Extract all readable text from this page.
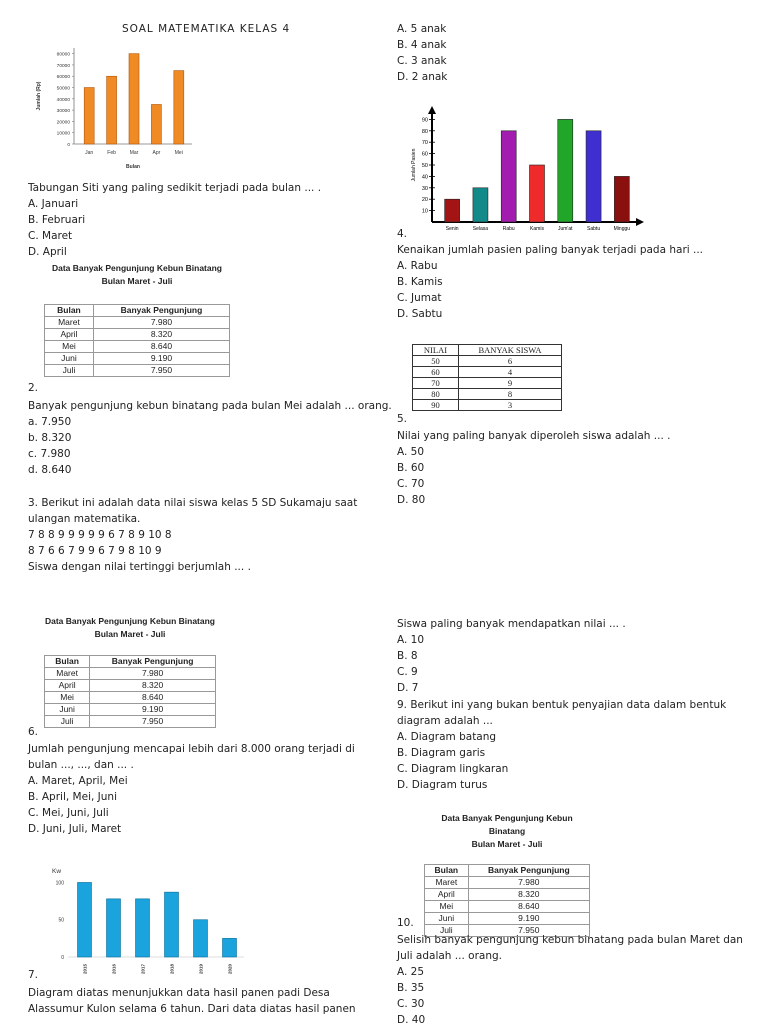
SOAL MATEMATIKA KELAS 4
0
10000
20000
30000
40000
50000
60000
70000
80000
Jan	Feb	Mar	Apr	Mei
Bulan
Jumlah (Rp)
Tabungan Siti yang paling sedikit terjadi pada bulan ... .
A. Januari
B. Februari
C. Maret
D. April
Data Banyak Pengunjung Kebun Binatang
Bulan Maret - Juli
Bulan	Banyak Pengunjung
Maret	7.980
April	8.320
Mei	8.640
Juni	9.190
Juli	7.950
2.
Banyak pengunjung kebun binatang pada bulan Mei adalah ... orang.
a. 7.950
b. 8.320
c. 7.980
d. 8.640
3. Berikut ini adalah data nilai siswa kelas 5 SD Sukamaju saat
ulangan matematika.
7 8 8 9 9 9 9 9 6 7 8 9 10 8
8 7 6 6 7 9 9 6 7 9 8 10 9
Siswa dengan nilai tertinggi berjumlah ... .
Data Banyak Pengunjung Kebun Binatang
Bulan Maret - Juli
Bulan	Banyak Pengunjung
Maret	7.980
April	8.320
Mei	8.640
Juni	9.190
Juli	7.950
6.
Jumlah pengunjung mencapai lebih dari 8.000 orang terjadi di
bulan ..., ..., dan ... .
A. Maret, April, Mei
B. April, Mei, Juni
C. Mei, Juni, Juli
D. Juni, Juli, Maret
Kw
0
50
100
2015	2016	2017	2018	2019	2020
7.
Diagram diatas menunjukkan data hasil panen padi Desa
Alassumur Kulon selama 6 tahun. Dari data diatas hasil panen
A. 5 anak
B. 4 anak
C. 3 anak
D. 2 anak
10
20
30
40
50
60
70
80
90
Senin	Selasa	Rabu	Kamis	Jum'at	Sabtu	Minggu
Jumlah Pasien
4.
Kenaikan jumlah pasien paling banyak terjadi pada hari ...
A. Rabu
B. Kamis
C. Jumat
D. Sabtu
NILAI	BANYAK SISWA
50	6
60	4
70	9
80	8
90	3
5.
Nilai yang paling banyak diperoleh siswa adalah ... .
A. 50
B. 60
C. 70
D. 80
Siswa paling banyak mendapatkan nilai ... .
A. 10
B. 8
C. 9
D. 7
9. Berikut ini yang bukan bentuk penyajian data dalam bentuk
diagram adalah ...
A. Diagram batang
B. Diagram garis
C. Diagram lingkaran
D. Diagram turus
Data Banyak Pengunjung Kebun Binatang
Bulan Maret - Juli
Bulan	Banyak Pengunjung
Maret	7.980
April	8.320
Mei	8.640
Juni	9.190
Juli	7.950
10.
Selisih banyak pengunjung kebun binatang pada bulan Maret dan
Juli adalah ... orang.
A. 25
B. 35
C. 30
D. 40
